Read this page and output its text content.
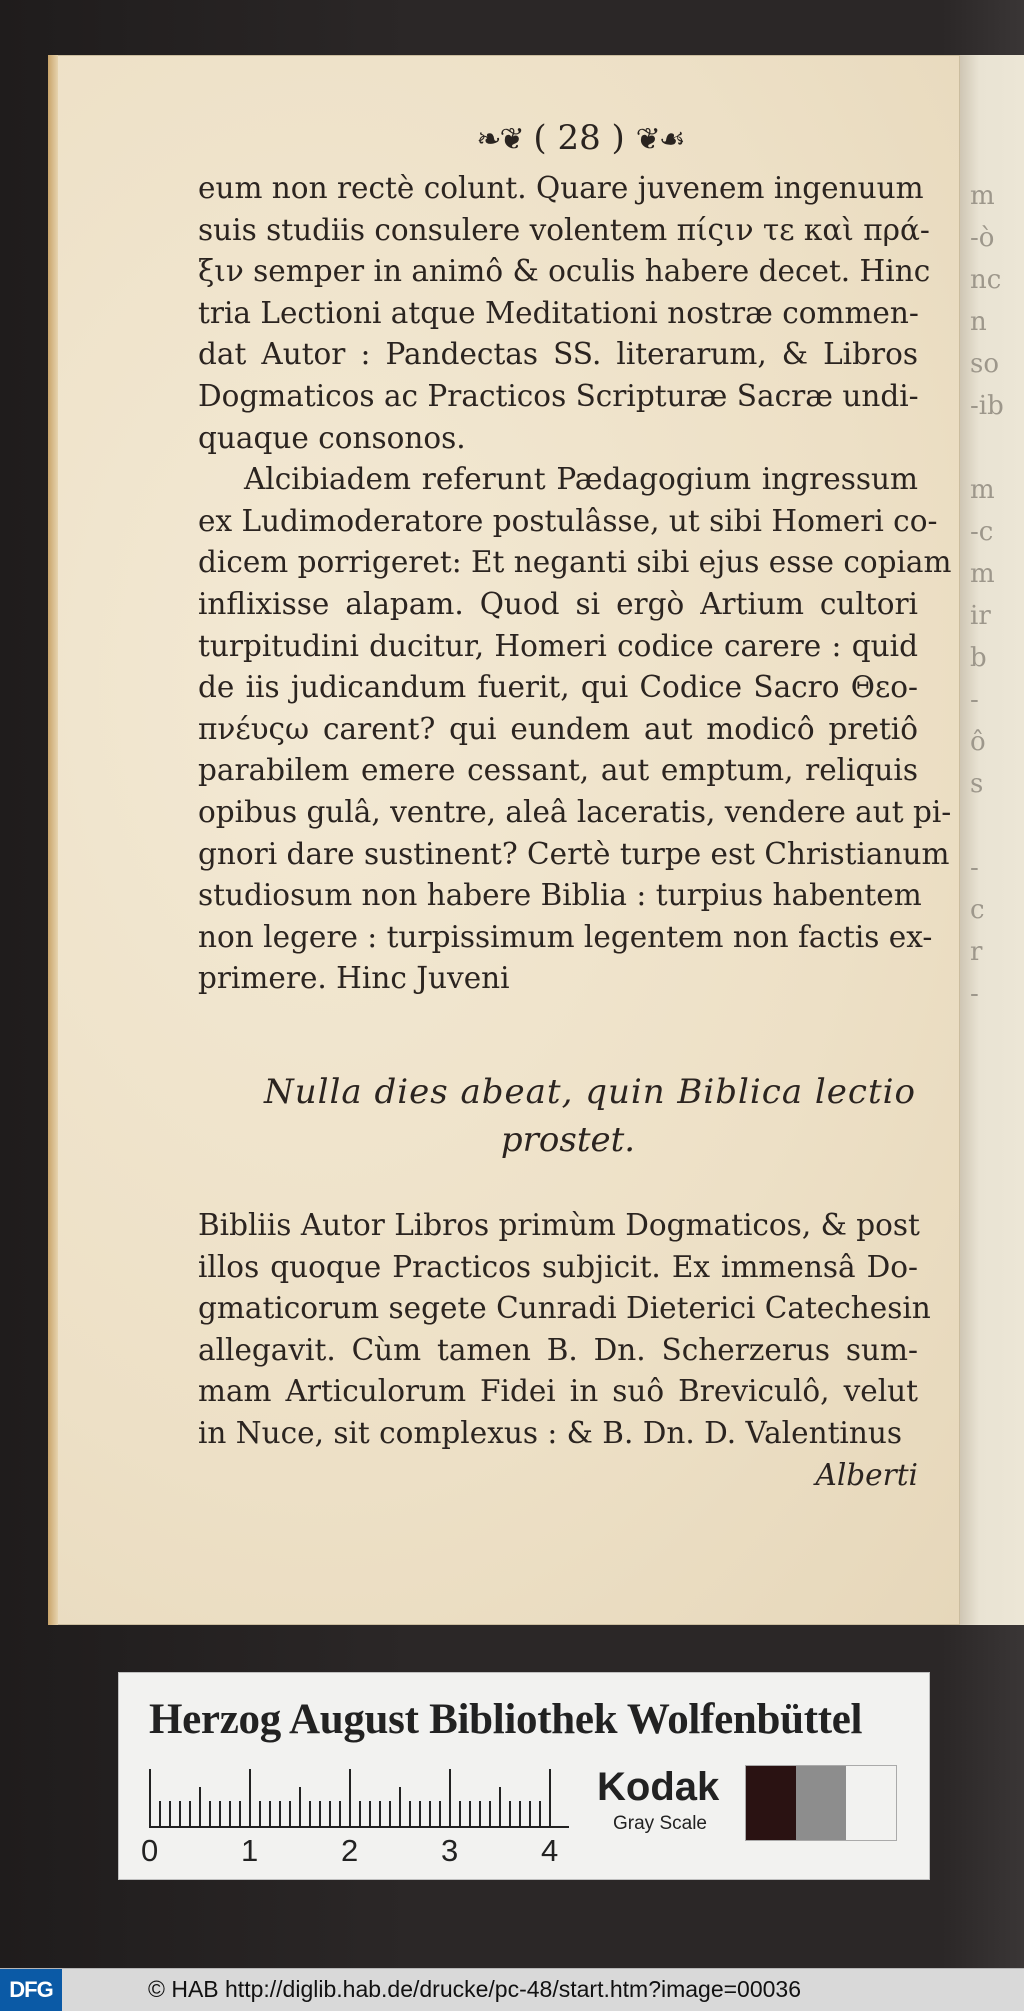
m
-ò
nc
n
so
-ib
m
-c
m
ir
b
-
ô
s
-
c
r
-
❧❦ ( 28 ) ❦☙
eum non rectè colunt. Quare juvenem ingenuum
suis studiis consulere volentem πίςιν τε καὶ πρά-
ξιν semper in animô & oculis habere decet. Hinc
tria Lectioni atque Meditationi nostræ commen-
dat Autor : Pandectas SS. literarum, & Libros
Dogmaticos ac Practicos Scripturæ Sacræ undi-
quaque consonos.
Alcibiadem referunt Pædagogium ingressum
ex Ludimoderatore postulâsse, ut sibi Homeri co-
dicem porrigeret: Et neganti sibi ejus esse copiam
inflixisse alapam. Quod si ergò Artium cultori
turpitudini ducitur, Homeri codice carere : quid
de iis judicandum fuerit, qui Codice Sacro Θεο-
πνέυςω carent? qui eundem aut modicô pretiô
parabilem emere cessant, aut emptum, reliquis
opibus gulâ, ventre, aleâ laceratis, vendere aut pi-
gnori dare sustinent? Certè turpe est Christianum
studiosum non habere Biblia : turpius habentem
non legere : turpissimum legentem non factis ex-
primere. Hinc Juveni
Nulla dies abeat, quin Biblica lectio
prostet.
Bibliis Autor Libros primùm Dogmaticos, & post
illos quoque Practicos subjicit. Ex immensâ Do-
gmaticorum segete Cunradi Dieterici Catechesin
allegavit. Cùm tamen B. Dn. Scherzerus sum-
mam Articulorum Fidei in suô Breviculô, velut
in Nuce, sit complexus : & B. Dn. D. Valentinus
Alberti
Herzog August Bibliothek Wolfenbüttel
0	1	2	3	4
Kodak
Gray Scale
DFG	© HAB http://diglib.hab.de/drucke/pc-48/start.htm?image=00036
